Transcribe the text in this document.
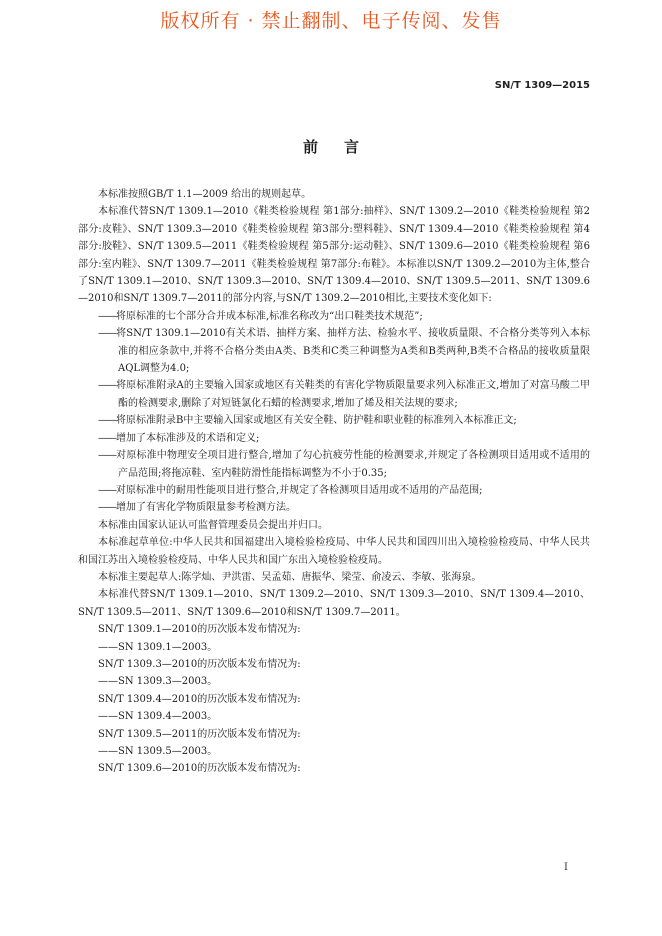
版权所有 · 禁止翻制、电子传阅、发售
SN/T 1309—2015
前言

本标准按照GB/T 1.1—2009 给出的规则起草。

本标准代替SN/T 1309.1—2010《鞋类检验规程 第1部分:抽样》、SN/T 1309.2—2010《鞋类检验规程 第2部分:皮鞋》、SN/T 1309.3—2010《鞋类检验规程 第3部分:塑料鞋》、SN/T 1309.4—2010《鞋类检验规程 第4部分:胶鞋》、SN/T 1309.5—2011《鞋类检验规程 第5部分:运动鞋》、SN/T 1309.6—2010《鞋类检验规程 第6部分:室内鞋》、SN/T 1309.7—2011《鞋类检验规程 第7部分:布鞋》。本标准以SN/T 1309.2—2010为主体,整合了SN/T 1309.1—2010、SN/T 1309.3—2010、SN/T 1309.4—2010、SN/T 1309.5—2011、SN/T 1309.6—2010和SN/T 1309.7—2011的部分内容,与SN/T 1309.2—2010相比,主要技术变化如下:

——将原标准的七个部分合并成本标准,标准名称改为“出口鞋类技术规范”;

——将SN/T 1309.1—2010有关术语、抽样方案、抽样方法、检验水平、接收质量限、不合格分类等列入本标准的相应条款中,并将不合格分类由A类、B类和C类三种调整为A类和B类两种,B类不合格品的接收质量限AQL调整为4.0;

——将原标准附录A的主要输入国家或地区有关鞋类的有害化学物质限量要求列入标准正文,增加了对富马酸二甲酯的检测要求,删除了对短链氯化石蜡的检测要求,增加了烯及相关法规的要求;

——将原标准附录B中主要输入国家或地区有关安全鞋、防护鞋和职业鞋的标准列入本标准正文;

——增加了本标准涉及的术语和定义;

——对原标准中物理安全项目进行整合,增加了勾心抗疲劳性能的检测要求,并规定了各检测项目适用或不适用的产品范围;将拖凉鞋、室内鞋防滑性能指标调整为不小于0.35;

——对原标准中的耐用性能项目进行整合,并规定了各检测项目适用或不适用的产品范围;

——增加了有害化学物质限量参考检测方法。

本标准由国家认证认可监督管理委员会提出并归口。

本标准起草单位:中华人民共和国福建出入境检验检疫局、中华人民共和国四川出入境检验检疫局、中华人民共和国江苏出入境检验检疫局、中华人民共和国广东出入境检验检疫局。

本标准主要起草人:陈学灿、尹洪雷、吴孟茹、唐振华、梁莹、俞凌云、李敏、张海泉。

本标准代替SN/T 1309.1—2010、SN/T 1309.2—2010、SN/T 1309.3—2010、SN/T 1309.4—2010、SN/T 1309.5—2011、SN/T 1309.6—2010和SN/T 1309.7—2011。

SN/T 1309.1—2010的历次版本发布情况为:

——SN 1309.1—2003。

SN/T 1309.3—2010的历次版本发布情况为:

——SN 1309.3—2003。

SN/T 1309.4—2010的历次版本发布情况为:

——SN 1309.4—2003。

SN/T 1309.5—2011的历次版本发布情况为:

——SN 1309.5—2003。

SN/T 1309.6—2010的历次版本发布情况为:

I
